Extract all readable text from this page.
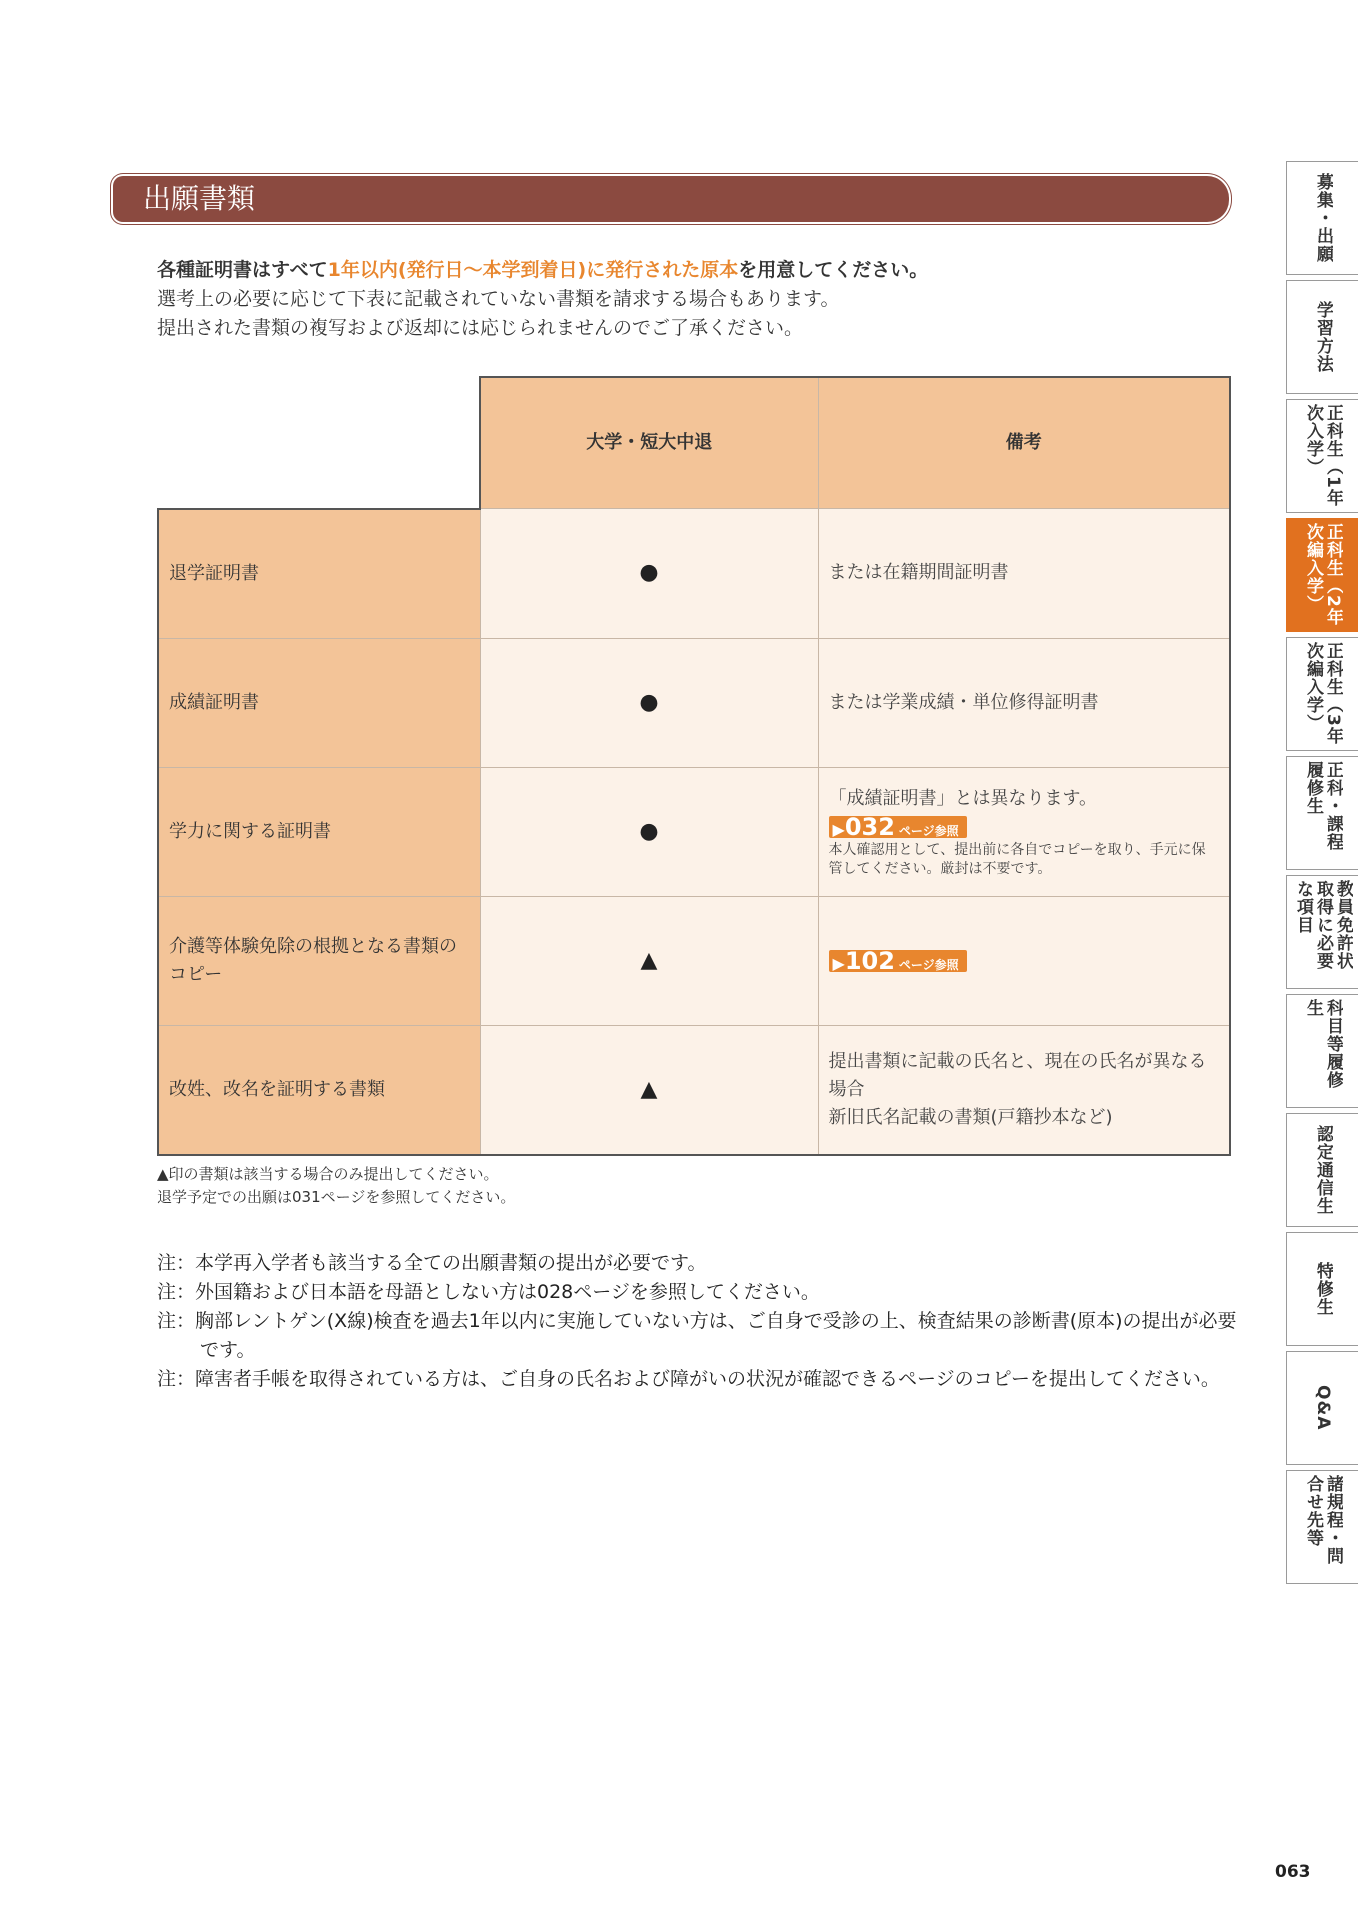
出願書類
各種証明書はすべて1年以内(発行日〜本学到着日)に発行された原本を用意してください。
選考上の必要に応じて下表に記載されていない書類を請求する場合もあります。
提出された書類の複写および返却には応じられませんのでご了承ください。
	大学・短大中退	備考
退学証明書	●	または在籍期間証明書
成績証明書	●	または学業成績・単位修得証明書
学力に関する証明書	●	「成績証明書」とは異なります。
▶032 ページ参照
本人確認用として、提出前に各自でコピーを取り、手元に保管してください。厳封は不要です。

介護等体験免除の根拠となる書類のコピー	▲	▶102 ページ参照
改姓、改名を証明する書類	▲	提出書類に記載の氏名と、現在の氏名が異なる場合
新旧氏名記載の書類(戸籍抄本など)
▲印の書類は該当する場合のみ提出してください。
退学予定での出願は031ページを参照してください。
注：本学再入学者も該当する全ての出願書類の提出が必要です。
注：外国籍および日本語を母語としない方は028ページを参照してください。
注：胸部レントゲン(X線)検査を過去1年以内に実施していない方は、ご自身で受診の上、検査結果の診断書(原本)の提出が必要です。
注：障害者手帳を取得されている方は、ご自身の氏名および障がいの状況が確認できるページのコピーを提出してください。
募集・出願
学習方法
正科生（1年次入学）
正科生（2年次編入学）
正科生（3年次編入学）
正科・課程履修生
教員免許状取得に必要な項目
科目等履修生
認定通信生
特修生
Q&A
諸規程・問合せ先等
063
